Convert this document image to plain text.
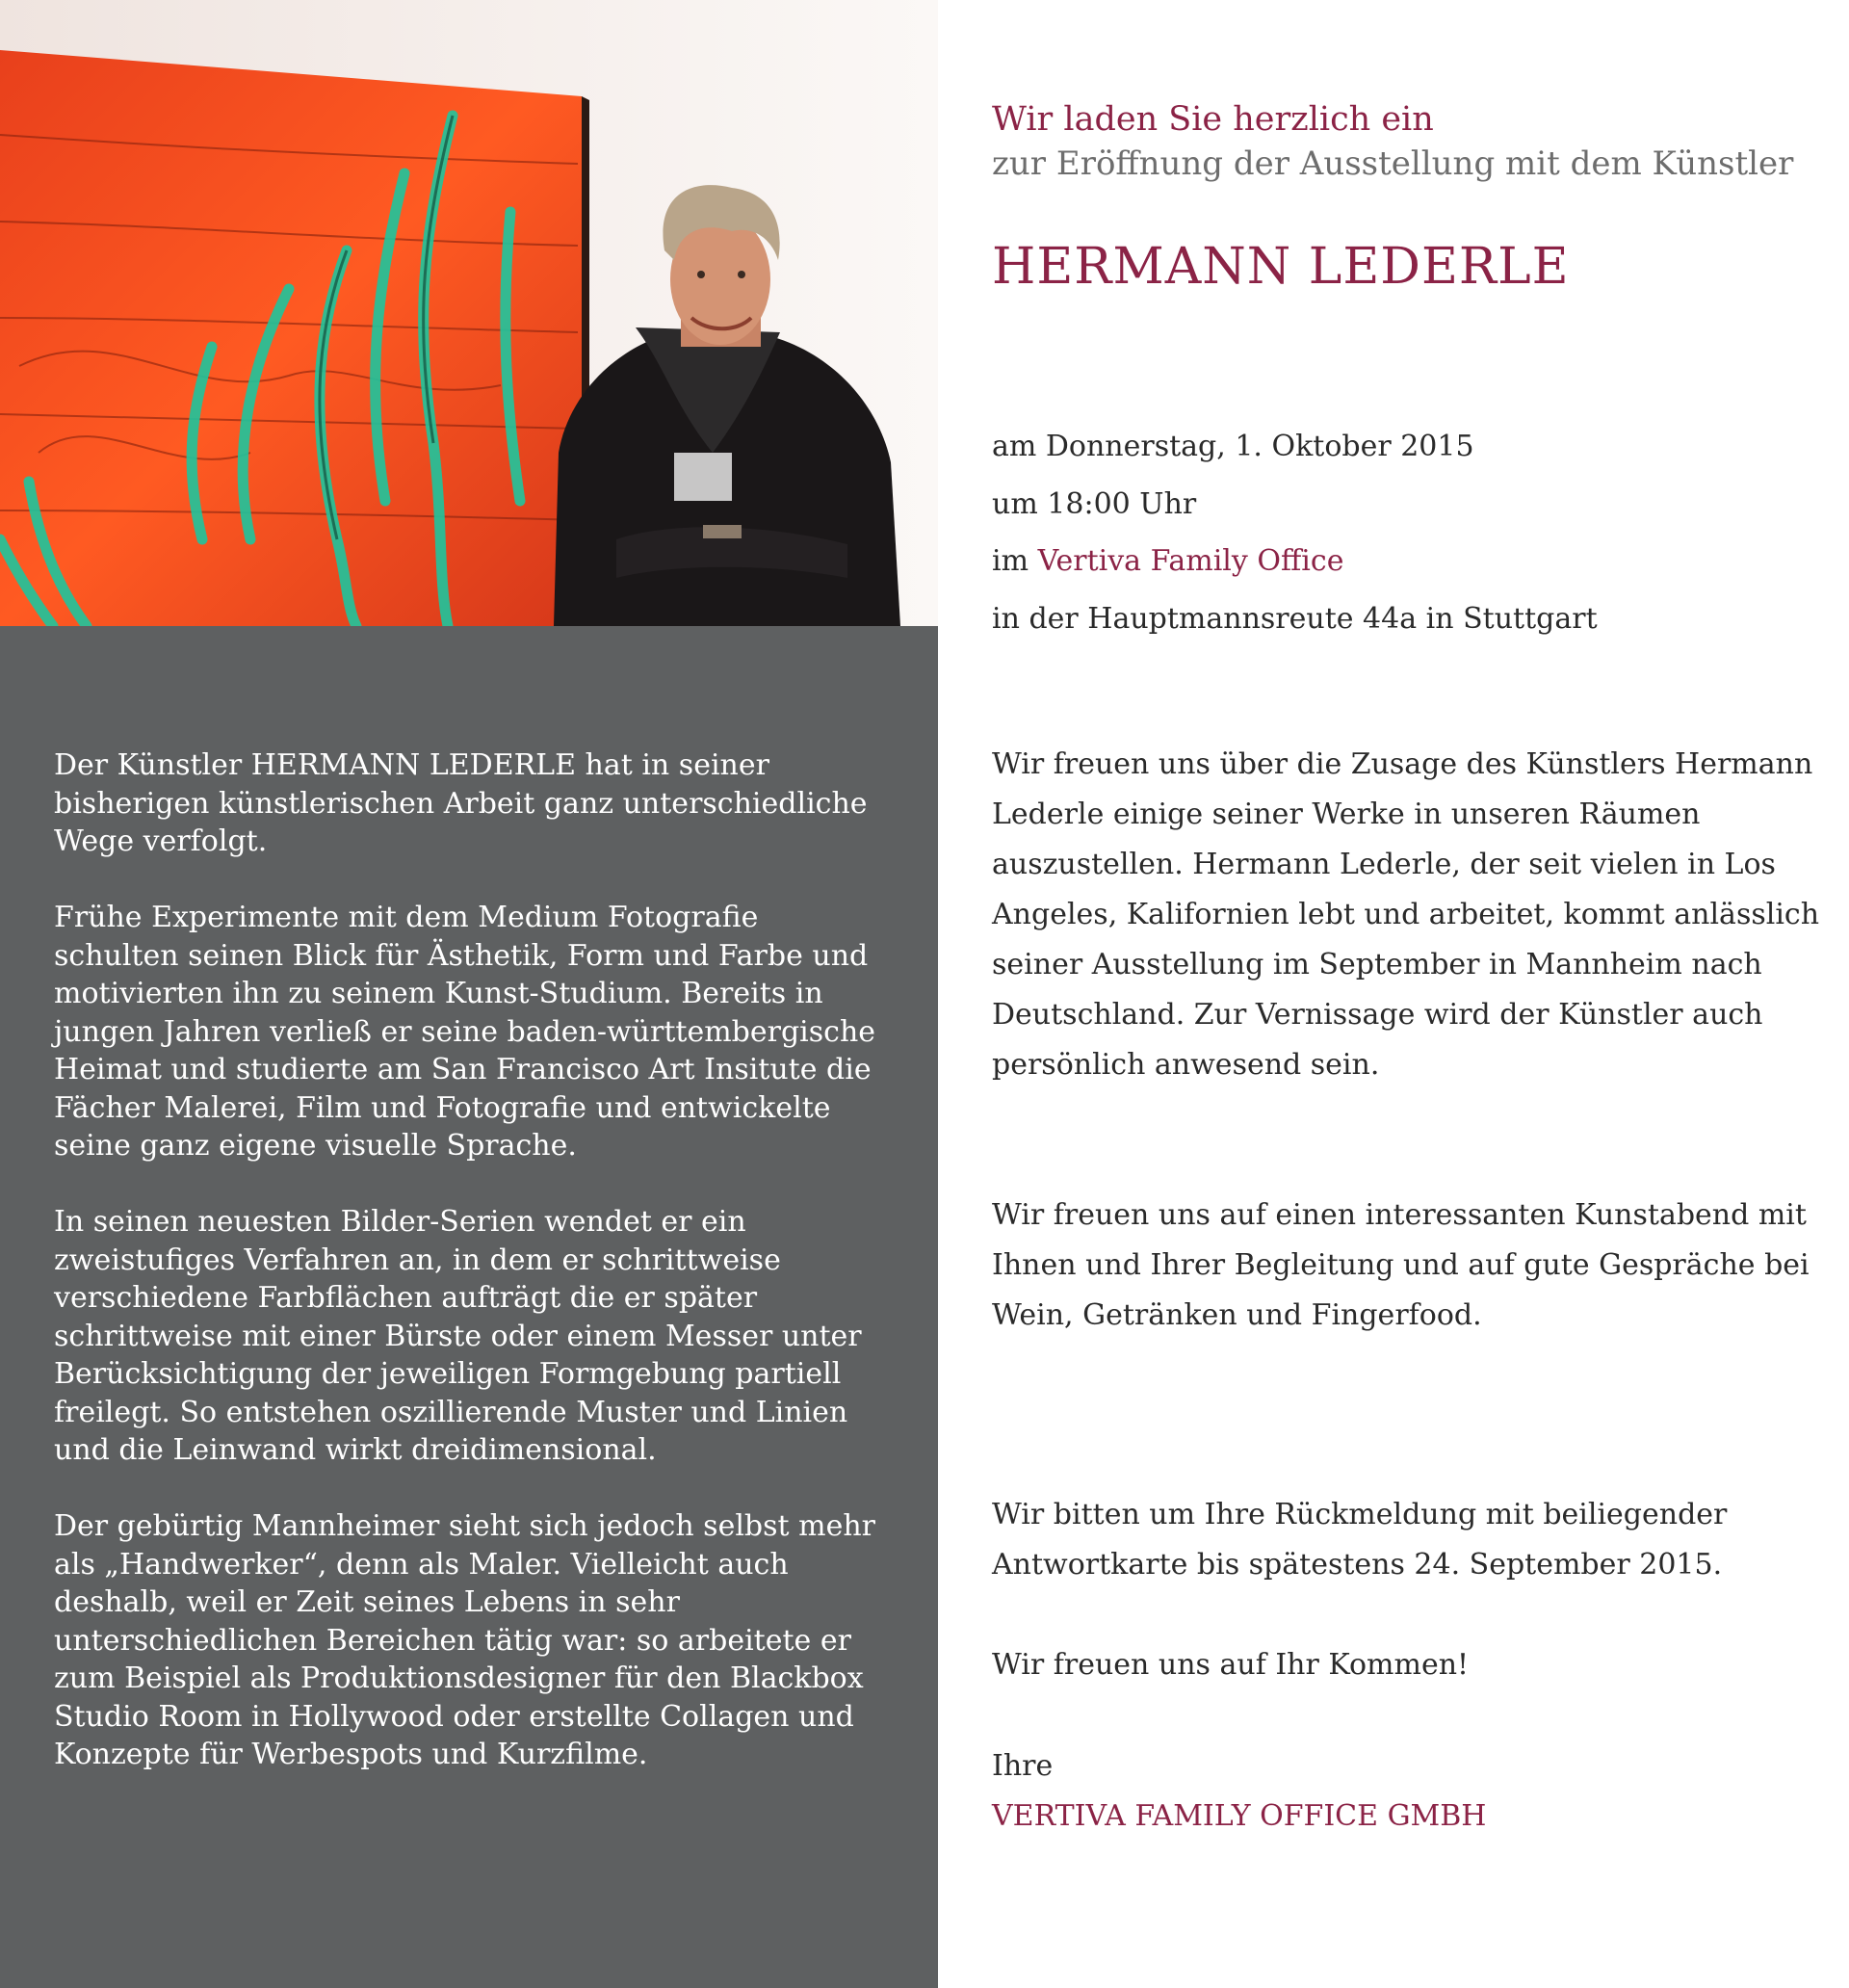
Der Künstler HERMANN LEDERLE hat in seiner bisherigen künstlerischen Arbeit ganz unterschiedliche Wege verfolgt.

Frühe Experimente mit dem Medium Fotografie schulten seinen Blick für Ästhetik, Form und Farbe und motivierten ihn zu seinem Kunst-Studium. Bereits in jungen Jahren verließ er seine baden-württembergische Heimat und studierte am San Francisco Art Insitute die Fächer Malerei, Film und Fotografie und entwickelte seine ganz eigene visuelle Sprache.

In seinen neuesten Bilder-Serien wendet er ein zweistufiges Verfahren an, in dem er schrittweise verschiedene Farbflächen aufträgt die er später schrittweise mit einer Bürste oder einem Messer unter Berücksichtigung der jeweiligen Formgebung partiell freilegt. So entstehen oszillierende Muster und Linien und die Leinwand wirkt dreidimensional.

Der gebürtig Mannheimer sieht sich jedoch selbst mehr als „Handwerker“, denn als Maler. Vielleicht auch deshalb, weil er Zeit seines Lebens in sehr unterschiedlichen Bereichen tätig war: so arbeitete er zum Beispiel als Produktionsdesigner für den Blackbox Studio Room in Hollywood oder erstellte Collagen und Konzepte für Werbespots und Kurzfilme.

Wir laden Sie herzlich ein
zur Eröffnung der Ausstellung mit dem Künstler
HERMANN LEDERLE
am Donnerstag, 1. Oktober 2015
um 18:00 Uhr
im Vertiva Family Office
in der Hauptmannsreute 44a in Stuttgart
Wir freuen uns über die Zusage des Künstlers Hermann Lederle einige seiner Werke in unseren Räumen auszustellen. Hermann Lederle, der seit vielen in Los Angeles, Kalifornien lebt und arbeitet, kommt anlässlich seiner Ausstellung im September in Mannheim nach Deutschland. Zur Vernissage wird der Künstler auch persönlich anwesend sein.
Wir freuen uns auf einen interessanten Kunstabend mit Ihnen und Ihrer Begleitung und auf gute Gespräche bei Wein, Getränken und Fingerfood.
Wir bitten um Ihre Rückmeldung mit beiliegender Antwortkarte bis spätestens 24. September 2015.
Wir freuen uns auf Ihr Kommen!
Ihre
VERTIVA FAMILY OFFICE GMBH
